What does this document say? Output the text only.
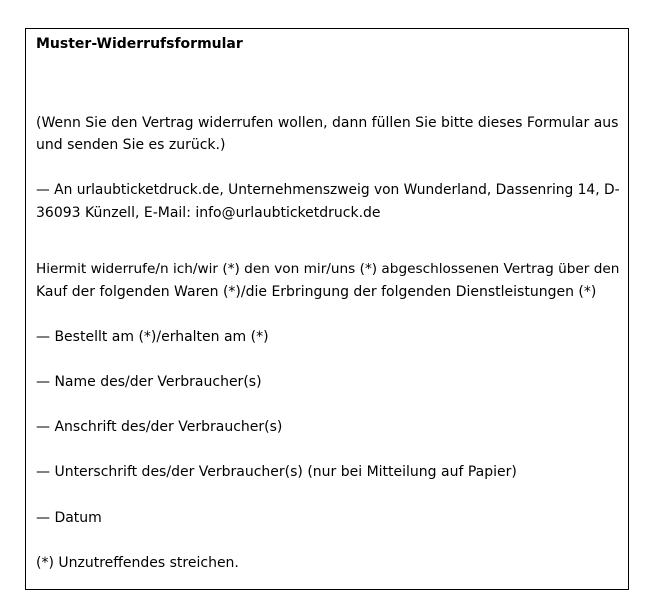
Muster-Widerrufsformular

(Wenn Sie den Vertrag widerrufen wollen, dann füllen Sie bitte dieses Formular aus

und senden Sie es zurück.)

— An urlaubticketdruck.de, Unternehmenszweig von Wunderland, Dassenring 14, D-

36093 Künzell, E-Mail: info@urlaubticketdruck.de

Hiermit widerrufe/n ich/wir (*) den von mir/uns (*) abgeschlossenen Vertrag über den

Kauf der folgenden Waren (*)/die Erbringung der folgenden Dienstleistungen (*)

— Bestellt am (*)/erhalten am (*)

— Name des/der Verbraucher(s)

— Anschrift des/der Verbraucher(s)

— Unterschrift des/der Verbraucher(s) (nur bei Mitteilung auf Papier)

— Datum

(*) Unzutreffendes streichen.
